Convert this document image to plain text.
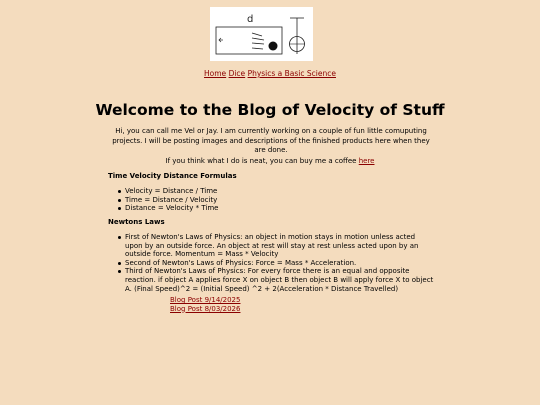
d
Home Dice Physics a Basic Science
Welcome to the Blog of Velocity of Stuff

Hi, you can call me Vel or Jay. I am currently working on a couple of fun little comuputing projects. I will be posting images and descriptions of the finished products here when they are done.

If you think what I do is neat, you can buy me a coffee here

Time Velocity Distance Formulas
Velocity = Distance / Time
Time = Distance / Velocity
Distance = Velocity * Time
Newtons Laws
First of Newton's Laws of Physics: an object in motion stays in motion unless acted upon by an outside force. An object at rest will stay at rest unless acted upon by an outside force. Momentum = Mass * Velocity
Second of Newton's Laws of Physics: Force = Mass * Acceleration.
Third of Newton's Laws of Physics: For every force there is an equal and opposite reaction. if object A applies force X on object B then object B will apply force X to object A. (Final Speed)^2 = (Initial Speed) ^2 + 2(Acceleration * Distance Travelled)
Blog Post 9/14/2025
Blog Post 8/03/2026
